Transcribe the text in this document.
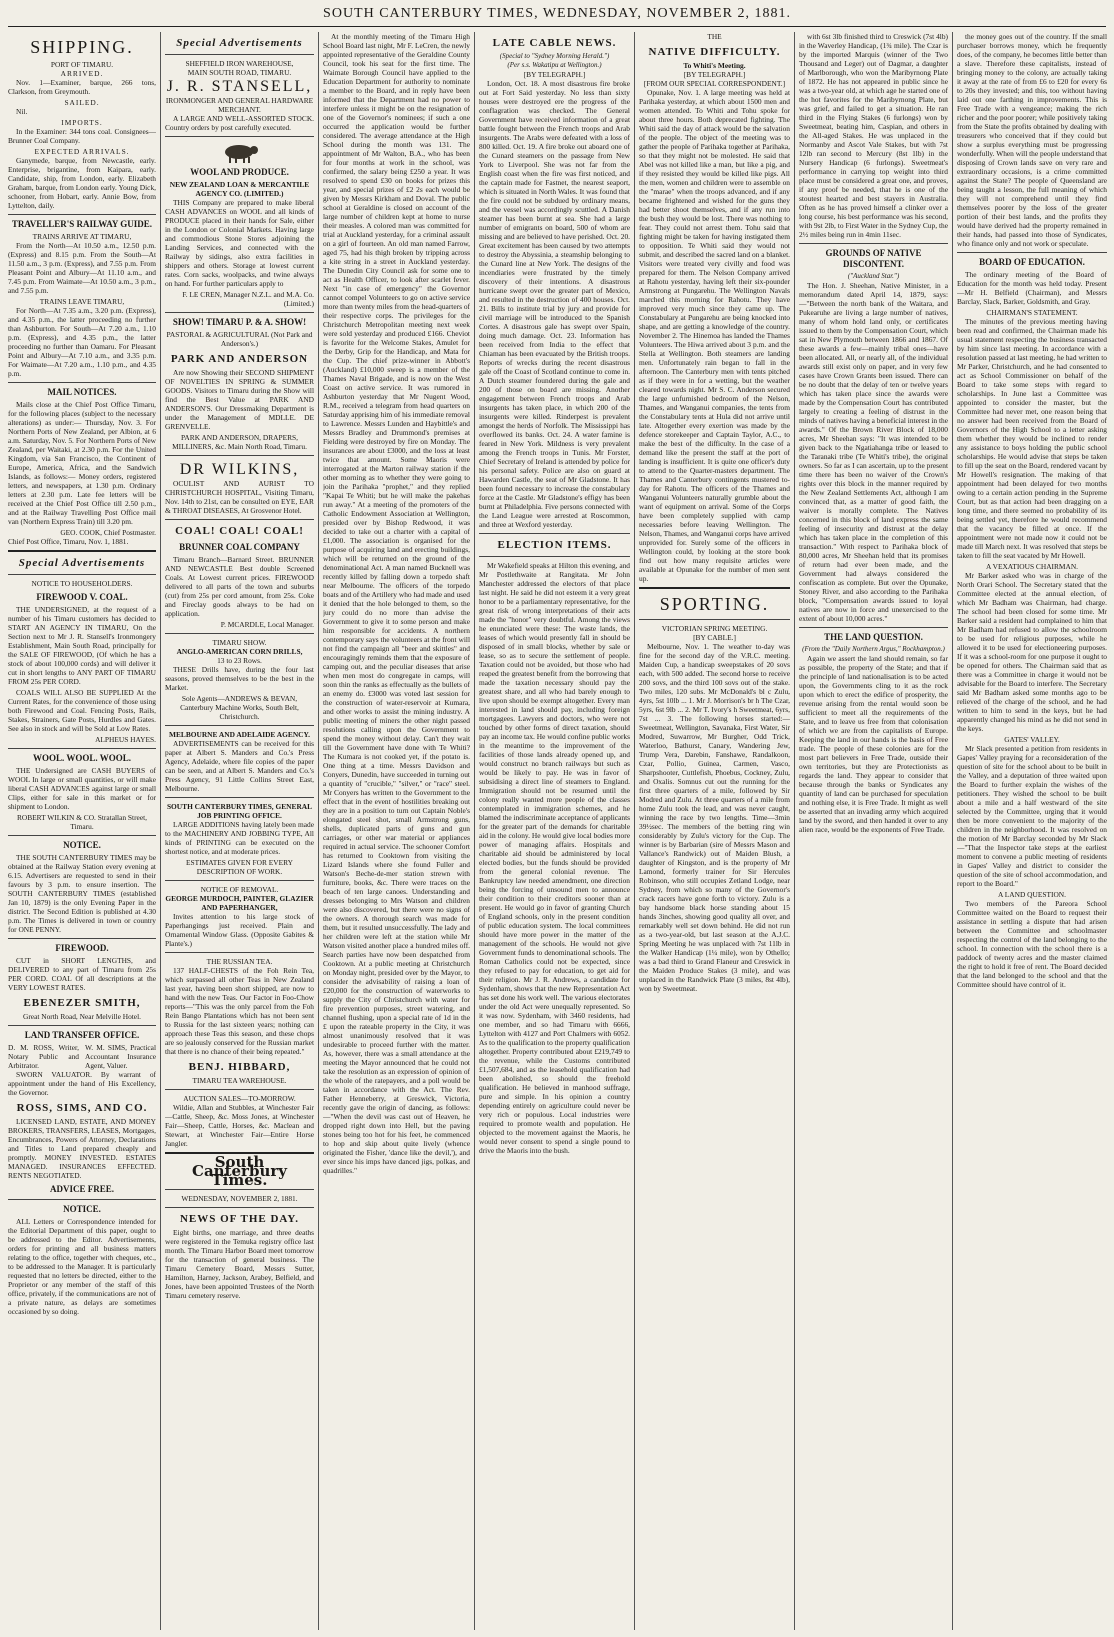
SOUTH CANTERBURY TIMES, WEDNESDAY, NOVEMBER 2, 1881.
SHIPPING.
PORT OF TIMARU.
ARRIVED.

Nov. 1—Examiner, barque, 266 tons, Clarkson, from Greymouth.

SAILED.

Nil.

IMPORTS.

In the Examiner: 344 tons coal. Consignees—Brunner Coal Company.

EXPECTED ARRIVALS.

Ganymede, barque, from Newcastle, early. Enterprise, brigantine, from Kaipara, early. Candidate, ship, from London, early. Elizabeth Graham, barque, from London early. Young Dick, schooner, from Hobart, early. Annie Bow, from Lyttelton, daily.

TRAVELLER'S RAILWAY GUIDE.
TRAINS ARRIVE AT TIMARU,

From the North—At 10.50 a.m., 12.50 p.m. (Express) and 8.15 p.m. From the South—At 11.50 a.m., 3 p.m. (Express), and 7.55 p.m. From Pleasant Point and Albury—At 11.10 a.m., and 7.45 p.m. From Waimate—At 10.50 a.m., 3 p.m., and 7.55 p.m.

TRAINS LEAVE TIMARU,

For North—At 7.35 a.m., 3.20 p.m. (Express), and 4.35 p.m., the latter proceeding no further than Ashburton. For South—At 7.20 a.m., 1.10 p.m. (Express), and 4.35 p.m., the latter proceeding no further than Oamaru. For Pleasant Point and Albury—At 7.10 a.m., and 3.35 p.m. For Waimate—At 7.20 a.m., 1.10 p.m., and 4.35 p.m.

MAIL NOTICES.

Mails close at the Chief Post Office Timaru, for the following places (subject to the necessary alterations) as under:— Thursday, Nov. 3. For Northern Ports of New Zealand, per Albion, at 6 a.m. Saturday, Nov. 5. For Northern Ports of New Zealand, per Waitaki, at 2.30 p.m. For the United Kingdom, via San Francisco, the Continent of Europe, America, Africa, and the Sandwich Islands, as follows:— Money orders, registered letters, and newspapers, at 1.30 p.m. Ordinary letters at 2.30 p.m. Late fee letters will be received at the Chief Post Office till 2.50 p.m., and at the Railway Travelling Post Office mail van (Northern Express Train) till 3.20 pm.

GEO. COOK, Chief Postmaster.

Chief Post Office, Timaru, Nov. 1, 1881.

Special Advertisements
NOTICE TO HOUSEHOLDERS.
FIREWOOD V. COAL.

THE UNDERSIGNED, at the request of a number of his Timaru customers has decided to START AN AGENCY IN TIMARU, On the Section next to Mr J. R. Stansell's Ironmongery Establishment, Main South Road, principally for the SALE OF FIREWOOD, (Of which he has a stock of about 100,000 cords) and will deliver it cut in short lengths to ANY PART OF TIMARU FROM 25s PER CORD.

COALS WILL ALSO BE SUPPLIED At the Current Rates, for the convenience of those using both Firewood and Coal. Fencing Posts, Rails, Stakes, Strainers, Gate Posts, Hurdles and Gates. See also in stock and will be Sold at Low Rates.

ALPHEUS HAYES.
WOOL. WOOL. WOOL.

THE Undersigned are CASH BUYERS of WOOL In large or small quantities, or will make liberal CASH ADVANCES against large or small Clips, either for sale in this market or for shipment to London.

ROBERT WILKIN & CO. Stratallan Street, Timaru.
NOTICE.

THE SOUTH CANTERBURY TIMES may be obtained at the Railway Station every evening at 6.15. Advertisers are requested to send in their favours by 3 p.m. to ensure insertion. The SOUTH CANTERBURY TIMES (established Jan 10, 1879) is the only Evening Paper in the district. The Second Edition is published at 4.30 p.m. The Times is delivered in town or country for ONE PENNY.

FIREWOOD.

CUT in SHORT LENGTHS, and DELIVERED to any part of Timaru from 25s PER CORD. COAL Of all descriptions at the VERY LOWEST RATES.

EBENEZER SMITH,
Great North Road, Near Melville Hotel.
LAND TRANSFER OFFICE.
D. M. ROSS, Writer, Notary Public and Arbitrator.
W. M. SIMS, Practical Accountant Insurance Agent, Valuer.

SWORN VALUATOR. By warrant of appointment under the hand of His Excellency, the Governor.

ROSS, SIMS, AND CO.

LICENSED LAND, ESTATE, AND MONEY BROKERS, TRANSFERS, LEASES, Mortgages, Encumbrances, Powers of Attorney, Declarations and Titles to Land prepared cheaply and promptly. MONEY INVESTED. ESTATES MANAGED. INSURANCES EFFECTED. RENTS NEGOTIATED.

ADVICE FREE.
NOTICE.

ALL Letters or Correspondence intended for the Editorial Department of this paper, ought to be addressed to the Editor. Advertisements, orders for printing and all business matters relating to the office, together with cheques, etc., to be addressed to the Manager. It is particularly requested that no letters be directed, either to the Proprietor or any member of the staff of this office, privately, if the communications are not of a private nature, as delays are sometimes occasioned by so doing.

Special Advertisements
SHEFFIELD IRON WAREHOUSE,
MAIN SOUTH ROAD, TIMARU.
J. R. STANSELL,
IRONMONGER AND GENERAL HARDWARE MERCHANT.

A LARGE AND WELL-ASSORTED STOCK. Country orders by post carefully executed.

WOOL AND PRODUCE.
NEW ZEALAND LOAN & MERCANTILE AGENCY CO. (LIMITED.)

THIS Company are prepared to make liberal CASH ADVANCES on WOOL and all kinds of PRODUCE placed in their hands for Sale, either in the London or Colonial Markets. Having large and commodious Stone Stores adjoining the Landing Services, and connected with the Railway by sidings, also extra facilities in shippers and others. Storage at lowest current rates. Corn sacks, woolpacks, and twine always on hand. For further particulars apply to

F. LE CREN, Manager N.Z.L. and M.A. Co. (Limited.)
SHOW! TIMARU P. & A. SHOW!
PASTORAL & AGRICULTURAL (Not Park and Anderson's.)
PARK AND ANDERSON

Are now Showing their SECOND SHIPMENT OF NOVELTIES IN SPRING & SUMMER GOODS. Visitors to Timaru during the Show will find the Best Value at PARK AND ANDERSON'S. Our Dressmaking Department is under the Management of MDLLE. DE GRENVELLE.

PARK AND ANDERSON, DRAPERS, MILLINERS, &c. Main North Road, Timaru.
DR WILKINS,

OCULIST AND AURIST TO CHRISTCHURCH HOSPITAL, Visiting Timaru, Nov. 14th to 21st, can be consulted on EYE, EAR & THROAT DISEASES, At Grosvenor Hotel.

COAL! COAL! COAL!
BRUNNER COAL COMPANY

Timaru Branch—Barnard Street. BRUNNER AND NEWCASTLE Best double Screened Coals. At Lowest current prices. FIREWOOD delivered to all parts of the town and suburbs (cut) from 25s per cord amount, from 25s. Coke and Fireclay goods always to be had on application.

P. MCARDLE, Local Manager.
TIMARU SHOW.
ANGLO-AMERICAN CORN DRILLS,
13 to 23 Rows.

THESE Drills have, during the four last seasons, proved themselves to be the best in the Market.

Sole Agents—ANDREWS & BEVAN, Canterbury Machine Works, South Belt, Christchurch.
MELBOURNE AND ADELAIDE AGENCY.

ADVERTISEMENTS can be received for this paper at Albert S. Manders and Co.'s Press Agency, Adelaide, where file copies of the paper can be seen, and at Albert S. Manders and Co.'s Press Agency, 91 Little Collins Street East, Melbourne.

SOUTH CANTERBURY TIMES, GENERAL JOB PRINTING OFFICE.

LARGE ADDITIONS having lately been made to the MACHINERY AND JOBBING TYPE, All kinds of PRINTING can be executed on the shortest notice, and at moderate prices.

ESTIMATES GIVEN FOR EVERY DESCRIPTION OF WORK.
NOTICE OF REMOVAL.
GEORGE MURDOCH, PAINTER, GLAZIER AND PAPERHANGER,

Invites attention to his large stock of Paperhangings just received. Plain and Ornamental Window Glass. (Opposite Gabites & Plante's.)

THE RUSSIAN TEA.

137 HALF-CHESTS of the Foh Rein Tea, which surpassed all other Teas in New Zealand last year, having been short shipped, are now to hand with the new Teas. Our Factor in Foo-Chow reports—"This was the only parcel from the Foh Rein Bango Plantations which has not been sent to Russia for the last sixteen years; nothing can approach these Teas this season, and these chops are so jealously conserved for the Russian market that there is no chance of their being repeated."

BENJ. HIBBARD,
TIMARU TEA WAREHOUSE.
AUCTION SALES—TO-MORROW.

Wildie, Allan and Stubbles, at Winchester Fair—Cattle, Sheep, &c. Moss Jones, at Winchester Fair—Sheep, Cattle, Horses, &c. Maclean and Stewart, at Winchester Fair—Entire Horse Jangler.

South Canterbury Times.
WEDNESDAY, NOVEMBER 2, 1881.
NEWS OF THE DAY.

Eight births, one marriage, and three deaths were registered in the Temuka registry office last month. The Timaru Harbor Board meet tomorrow for the transaction of general business. The Timaru Cemetery Board, Messrs Sutter, Hamilton, Harney, Jackson, Arabey, Belfield, and Jones, have been appointed Trustees of the North Timaru cemetery reserve.

At the monthly meeting of the Timaru High School Board last night, Mr F. LeCren, the newly appointed representative of the Geraldine County Council, took his seat for the first time. The Waimate Borough Council have applied to the Education Department for authority to nominate a member to the Board, and in reply have been informed that the Department had no power to interfere unless it might be on the resignation of one of the Governor's nominees; if such a one occurred the application would be further considered. The average attendance at the High School during the month was 131. The appointment of Mr Walton, B.A., who has been for four months at work in the school, was confirmed, the salary being £250 a year. It was resolved to spend £30 on books for prizes this year, and special prizes of £2 2s each would be given by Messrs Kirkham and Doval. The public school at Geraldine is closed on account of the large number of children kept at home to nurse their measles. A colored man was committed for trial at Auckland yesterday, for a criminal assault on a girl of fourteen. An old man named Farrow, aged 75, had his thigh broken by tripping across a kite string in a street in Auckland yesterday. The Dunedin City Council ask for some one to act as Health Officer, to look after scarlet fever. Next "in case of emergency" the Governor cannot compel Volunteers to go on active service more than twenty miles from the head-quarters of their respective corps. The privileges for the Christchurch Metropolitan meeting next week were sold yesterday and produced £166. Cheviot is favorite for the Welcome Stakes, Amulet for the Derby, Grip for the Handicap, and Mata for the Cup. The chief prize-winner in Abbott's (Auckland) £10,000 sweep is a member of the Thames Naval Brigade, and is now on the West Coast on active service. It was rumored in Ashburton yesterday that Mr Nugent Wood, R.M., received a telegram from head quarters on Saturday apprising him of his immediate removal to Lawrence. Messrs Lunden and Haybittle's and Messrs Bradley and Drummond's premises at Fielding were destroyed by fire on Monday. The insurances are about £3000, and the loss at least twice that amount. Some Maoris were interrogated at the Marton railway station if the other morning as to whether they were going to join the Parihaka "prophet," and they replied "Kapai Te Whiti; but he will make the pakehas run away." At a meeting of the promoters of the Catholic Endowment Association at Wellington, presided over by Bishop Redwood, it was decided to take out a charter with a capital of £1,000. The association is organised for the purpose of acquiring land and erecting buildings, which will be returned on the ground of the denominational Act. A man named Bucknell was recently killed by falling down a torpedo shaft near Melbourne. The officers of the torpedo boats and of the Artillery who had made and used it denied that the hole belonged to them, so the jury could do no more than advise the Government to give it to some person and make him responsible for accidents. A northern contemporary says the volunteers at the front will not find the campaign all "beer and skittles" and encouragingly reminds them that the exposure of camping out, and the peculiar diseases that arise when men most do congregate in camps, will soon thin the ranks as effectually as the bullets of an enemy do. £3000 was voted last session for the construction of water-reservoir at Kumara, and other works to assist the mining industry. A public meeting of miners the other night passed resolutions calling upon the Government to spend the money without delay. Can't they wait till the Government have done with Te Whiti? The Kumara is not cooked yet, if the potato is. One thing at a time. Messrs Davidson and Conyers, Dunedin, have succeeded in turning out a quantity of "crucible," "silver," or "race" steel. Mr Conyers has written to the Government to the effect that in the event of hostilities breaking out they are in a position to turn out Captain Noble's elongated steel shot, small Armstrong guns, shells, duplicated parts of guns and gun carriages, or other war material or appliances required in actual service. The schooner Comfort has returned to Cooktown from visiting the Lizard Islands where she found Fuller and Watson's Beche-de-mer station strewn with furniture, books, &c. There were traces on the beach of ten large canoes. Understanding and dresses belonging to Mrs Watson and children were also discovered, but there were no signs of the owners. A thorough search was made for them, but it resulted unsuccessfully. The lady and her children were left at the station while Mr Watson visited another place a hundred miles off. Search parties have now been despatched from Cooktown. At a public meeting at Christchurch on Monday night, presided over by the Mayor, to consider the advisability of raising a loan of £20,000 for the construction of waterworks to supply the City of Christchurch with water for fire prevention purposes, street watering, and channel flushing, upon a special rate of 1d in the £ upon the rateable property in the City, it was almost unanimously resolved that it was undesirable to proceed further with the matter. As, however, there was a small attendance at the meeting the Mayor announced that he could not take the resolution as an expression of opinion of the whole of the ratepayers, and a poll would be taken in accordance with the Act. The Rev. Father Henneberry, at Greswick, Victoria, recently gave the origin of dancing, as follows:—"When the devil was cast out of Heaven, he dropped right down into Hell, but the paving stones being too hot for his feet, he commenced to hop and skip about quite lively (whence originated the Fisher, 'dance like the devil,'), and ever since his imps have danced jigs, polkas, and quadrilles."

LATE CABLE NEWS.
(Special to "Sydney Morning Herald.")
(Per s.s. Wakatipu at Wellington.)
[BY TELEGRAPH.]

London, Oct. 18. A most disastrous fire broke out at Fort Said yesterday. No less than sixty houses were destroyed ere the progress of the conflagration was checked. The General Government have received information of a great battle fought between the French troops and Arab insurgents. The Arabs were defeated with a loss of 800 killed. Oct. 19. A fire broke out aboard one of the Cunard steamers on the passage from New York to Liverpool. She was not far from the English coast when the fire was first noticed, and the captain made for Fastnet, the nearest seaport, which is situated in North Wales. It was found that the fire could not be subdued by ordinary means, and the vessel was accordingly scuttled. A Danish steamer has been burnt at sea. She had a large number of emigrants on board, 500 of whom are missing and are believed to have perished. Oct. 20. Great excitement has been caused by two attempts to destroy the Abyssinia, a steamship belonging to the Cunard line at New York. The designs of the incendiaries were frustrated by the timely discovery of their intentions. A disastrous hurricane swept over the greater part of Mexico, and resulted in the destruction of 400 houses. Oct. 21. Bills to institute trial by jury and provide for civil marriage will be introduced to the Spanish Cortes. A disastrous gale has swept over Spain, doing much damage. Oct. 23. Information has been received from India to the effect that Chiaman has been evacuated by the British troops. Reports of wrecks during the recent disastrous gale off the Coast of Scotland continue to come in. A Dutch steamer foundered during the gale and 200 of those on board are missing. Another engagement between French troops and Arab insurgents has taken place, in which 200 of the insurgents were killed. Rinderpest is prevalent amongst the herds of Norfolk. The Mississippi has overflowed its banks. Oct. 24. A water famine is feared in New York. Mildness is very prevalent among the French troops in Tunis. Mr Forster, Chief Secretary of Ireland is attended by police for his personal safety. Police are also on guard at Hawarden Castle, the seat of Mr Gladstone. It has been found necessary to increase the constabulary force at the Castle. Mr Gladstone's effigy has been burnt at Philadelphia. Five persons connected with the Land League were arrested at Roscommon, and three at Wexford yesterday.

ELECTION ITEMS.

Mr Wakefield speaks at Hilton this evening, and Mr Postlethwaite at Rangitata. Mr John Manchester addressed the electors of that place last night. He said he did not esteem it a very great honor to be a parliamentary representative, for the great risk of wrong interpretations of their acts made the "honor" very doubtful. Among the views he enunciated were these: The waste lands, the leases of which would presently fall in should be disposed of in small blocks, whether by sale or lease, so as to secure the settlement of people. Taxation could not be avoided, but those who had reaped the greatest benefit from the borrowing that made the taxation necessary should pay the greatest share, and all who had barely enough to live upon should be exempt altogether. Every man interested in land should pay, including foreign mortgagees. Lawyers and doctors, who were not touched by other forms of direct taxation, should pay an income tax. He would confine public works in the meantime to the improvement of the facilities of those lands already opened up, and would construct no branch railways but such as would be likely to pay. He was in favor of subsidising a direct line of steamers to England. Immigration should not be resumed until the colony really wanted more people of the classes contemplated in immigration schemes, and he blamed the indiscriminate acceptance of applicants for the greater part of the demands for charitable aid in the colony. He would give local bodies more power of managing affairs. Hospitals and charitable aid should be administered by local elected bodies, but the funds should be provided from the general colonial revenue. The Bankruptcy law needed amendment, one direction being the forcing of unsound men to announce their condition to their creditors sooner than at present. He would go in favor of granting Church of England schools, only in the present condition of public education system. The local committees should have more power in the matter of the management of the schools. He would not give Government funds to denominational schools. The Roman Catholics could not be expected, since they refused to pay for education, to get aid for their religion. Mr J. R. Andrews, a candidate for Sydenham, shows that the new Representation Act has set done his work well. The various electorates under the old Act were unequally represented. So it was now. Sydenham, with 3460 residents, had one member, and so had Timaru with 6666, Lyttelton with 4127 and Port Chalmers with 6052. As to the qualification to the property qualification altogether. Property contributed about £219,749 to the revenue, while the Customs contributed £1,507,684, and as the leasehold qualification had been abolished, so should the freehold qualification. He believed in manhood suffrage, pure and simple. In his opinion a country depending entirely on agriculture could never be very rich or populous. Local industries were required to promote wealth and population. He objected to the movement against the Maoris, he would never consent to spend a single pound to drive the Maoris into the bush.

THE
NATIVE DIFFICULTY.
To Whiti's Meeting.
[BY TELEGRAPH.]
[FROM OUR SPECIAL CORRESPONDENT.]

Opunake, Nov. 1. A large meeting was held at Parihaka yesterday, at which about 1500 men and women attended. To Whiti and Tohu spoke for about three hours. Both deprecated fighting. The Whiti said the day of attack would be the salvation of the people. The object of the meeting was to gather the people of Parihaka together at Parihaka, so that they might not be molested. He said that Abel was not killed like a man, but like a pig, and if they resisted they would be killed like pigs. All the men, women and children were to assemble on the "marae" when the troops advanced, and if any became frightened and wished for the guns they had better shoot themselves, and if any run into the bush they would be lost. There was nothing to fear. They could not arrest them. Tohu said that fighting might be taken for having instigated them to opposition. Te Whiti said they would not submit, and described the sacred land on a blanket. Visitors were treated very civilly and food was prepared for them. The Nelson Company arrived at Rahotu yesterday, having left their six-pounder Armstrong at Pungarehu. The Wellington Navals marched this morning for Rahotu. They have improved very much since they came up. The Constabulary at Pungarehu are being knocked into shape, and are getting a knowledge of the country. November 2. The Hinemoa has landed the Thames Volunteers. The Hiwa arrived about 3 p.m. and the Stella at Wellington. Both steamers are landing men. Unfortunately rain began to fall in the afternoon. The Canterbury men with tents pitched as if they were in for a wetting, but the weather cleared towards night. Mr S. C. Anderson secured the large unfurnished bedroom of the Nelson, Thames, and Wanganui companies, the tents from the Constabulary tents at Hula did not arrive until late. Altogether every exertion was made by the defence storekeeper and Captain Taylor, A.C., to make the best of the difficulty. In the case of a demand like the present the staff at the port of landing is insufficient. It is quite one officer's duty to attend to the Quarter-masters department. The Thames and Canterbury contingents mustered to-day for Rahotu. The officers of the Thames and Wanganui Volunteers naturally grumble about the want of equipment on arrival. Some of the Corps have been completely supplied with camp necessaries before leaving Wellington. The Nelson, Thames, and Wanganui corps have arrived unprovided for. Surely some of the officers in Wellington could, by looking at the store book find out how many requisite articles were available at Opunake for the number of men sent up.

SPORTING.
VICTORIAN SPRING MEETING.
[BY CABLE.]

Melbourne, Nov. 1. The weather to-day was fine for the second day of the V.R.C. meeting. Maiden Cup, a handicap sweepstakes of 20 sovs each, with 500 added. The second horse to receive 200 sovs, and the third 100 sovs out of the stake. Two miles, 120 subs. Mr McDonald's bl c Zulu, 4yrs, 5st 10lb ... 1. Mr J. Morrison's br h The Czar, 5yrs, 6st 9lb ... 2. Mr T. Ivory's h Sweetmeat, 6yrs, 7st ... 3. The following horses started:—Sweetmeat, Wellington, Savanaka, First Water, Sir Modred, Suwarrow, Mr Burgher, Odd Trick, Waterloo, Bathurst, Canary, Wandering Jew, Trump Vera, Darebin, Fanshawe, Randalkoon, Czar, Pollio, Guinea, Carmen, Vasco, Sharpshooter, Cuttlefish, Phoebus, Cockney, Zulu, and Oxalis. Somnus cut out the running for the first three quarters of a mile, followed by Sir Modred and Zulu. At three quarters of a mile from home Zulu took the lead, and was never caught, winning the race by two lengths. Time—3min 39½sec. The members of the betting ring win considerably by Zulu's victory for the Cup. The winner is by Barbarian (sire of Messrs Mason and Vallance's Randwick) out of Maiden Blush, a daughter of Kingston, and is the property of Mr Lamond, formerly trainer for Sir Hercules Robinson, who still occupies Zetland Lodge, near Sydney, from which so many of the Governor's crack racers have gone forth to victory. Zulu is a bay handsome black horse standing about 15 hands 3inches, showing good quality all over, and remarkably well set down behind. He did not run as a two-year-old, but last season at the A.J.C. Spring Meeting he was unplaced with 7st 11lb in the Walker Handicap (1¼ mile), won by Othello; was a bad third to Grand Flaneur and Creswick in the Maiden Produce Stakes (3 mile), and was unplaced in the Randwick Plate (3 miles, 8st 4lb), won by Sweetmeat.

with 6st 3lb finished third to Creswick (7st 4lb) in the Waverley Handicap, (1¾ mile). The Czar is by the imported Marquis (winner of the Two Thousand and Leger) out of Dagmar, a daughter of Marlborough, who won the Maribyrnong Plate of 1872. He has not appeared in public since he was a two-year old, at which age he started one of the hot favorites for the Maribyrnong Plate, but was grief, and failed to get a situation. He ran third in the Flying Stakes (6 furlongs) won by Sweetmeat, beating him, Caspian, and others in the All-aged Stakes. He was unplaced in the Normanby and Ascot Vale Stakes, but with 7st 12lb ran second to Mercury (8st 1lb) in the Nursery Handicap (6 furlongs). Sweetmeat's performance in carrying top weight into third place must be considered a great one, and proves, if any proof be needed, that he is one of the stoutest hearted and best stayers in Australia. Often as he has proved himself a clinker over a long course, his best performance was his second, with 9st 2lb, to First Water in the Sydney Cup, the 2½ miles being run in 4min 11sec.

GROUNDS OF NATIVE DISCONTENT.
("Auckland Star.")

The Hon. J. Sheehan, Native Minister, in a memorandum dated April 14, 1879, says:—"Between the north bank of the Waitara, and Pukearuhe are living a large number of natives, many of whom hold land only, or certificates issued to them by the Compensation Court, which sat in New Plymouth between 1866 and 1867. Of these awards a few—mainly tribal ones—have been allocated. All, or nearly all, of the individual awards still exist only on paper, and in very few cases have Crown Grants been issued. There can be no doubt that the delay of ten or twelve years which has taken place since the awards were made by the Compensation Court has contributed largely to creating a feeling of distrust in the minds of natives having a beneficial interest in the awards." Of the Brown River Block of 18,000 acres, Mr Sheehan says: "It was intended to be given back to the Ngatiahanga tribe or leased to the Taranaki tribe (Te Whiti's tribe), the original owners. So far as I can ascertain, up to the present time there has been no waiver of the Crown's rights over this block in the manner required by the New Zealand Settlements Act, although I am convinced that, as a matter of good faith, the waiver is morally complete. The Natives concerned in this block of land express the same feeling of insecurity and distrust at the delay which has taken place in the completion of this transaction." With respect to Parihaka block of 80,000 acres, Mr Sheehan held that its promises of return had ever been made, and the Government had always considered the confiscation as complete. But over the Opunake, Stoney River, and also according to the Parihaka block, "Compensation awards issued to loyal natives are now in force and unexercised to the extent of about 10,000 acres."

THE LAND QUESTION.
(From the "Daily Northern Argus," Rockhampton.)

Again we assert the land should remain, so far as possible, the property of the State; and that if the principle of land nationalisation is to be acted upon, the Governments cling to it as the rock upon which to erect the edifice of prosperity, the revenue arising from the rental would soon be sufficient to meet all the requirements of the State, and to leave us free from that colonisation of which we are from the capitalists of Europe. Keeping the land in our hands is the basis of Free trade. The people of these colonies are for the most part believers in Free Trade, outside their own territories, but they are Protectionists as regards the land. They appear to consider that because through the banks or Syndicates any quantity of land can be purchased for speculation and nothing else, it is Free Trade. It might as well be asserted that an invading army which acquired land by the sword, and then handed it over to any alien race, would be the exponents of Free Trade.

the money goes out of the country. If the small purchaser borrows money, which he frequently does, of the company, he becomes little better than a slave. Therefore these capitalists, instead of bringing money to the colony, are actually taking it away at the rate of from £6 to £20 for every 6s to 20s they invested; and this, too without having laid out one farthing in improvements. This is Free Trade with a vengeance; making the rich richer and the poor poorer; while positively taking from the State the profits obtained by dealing with treasurers who conceived that if they could but show a surplus everything must be progressing wonderfully. When will the people understand that disposing of Crown lands save on very rare and extraordinary occasions, is a crime committed against the State? The people of Queensland are being taught a lesson, the full meaning of which they will not comprehend until they find themselves poorer by the loss of the greater portion of their best lands, and the profits they would have derived had the property remained in their hands, had passed into those of Syndicates, who finance only and not work or speculate.

BOARD OF EDUCATION.

The ordinary meeting of the Board of Education for the month was held today. Present—Mr H. Belfield (Chairman), and Messrs Barclay, Slack, Barker, Goldsmith, and Gray.

CHAIRMAN'S STATEMENT.

The minutes of the previous meeting having been read and confirmed, the Chairman made his usual statement respecting the business transacted by him since last meeting. In accordance with a resolution passed at last meeting, he had written to Mr Parker, Christchurch, and he had consented to act as School Commissioner on behalf of the Board to take some steps with regard to scholarships. In June last a Committee was appointed to consider the master, but the Committee had never met, one reason being that no answer had been received from the Board of Governors of the High School to a letter asking them whether they would be inclined to render any assistance to boys holding the public school scholarships. He would advise that steps be taken to fill up the seat on the Board, rendered vacant by Mr Howell's resignation. The making of that appointment had been delayed for two months owing to a certain action pending in the Supreme Court, but as that action had been dragging on a long time, and there seemed no probability of its being settled yet, therefore he would recommend that the vacancy be filled at once. If the appointment were not made now it could not be made till March next. It was resolved that steps be taken to fill the seat vacated by Mr Howell.

A VEXATIOUS CHAIRMAN.

Mr Barker asked who was in charge of the North Orari School. The Secretary stated that the Committee elected at the annual election, of which Mr Badham was Chairman, had charge. The school had been closed for some time. Mr Barker said a resident had complained to him that Mr Badham had refused to allow the schoolroom to be used for religious purposes, while he allowed it to be used for electioneering purposes. If it was a school-room for one purpose it ought to be opened for others. The Chairman said that as there was a Committee in charge it would not be advisable for the Board to interfere. The Secretary said Mr Badham asked some months ago to be relieved of the charge of the school, and he had written to him to send in the keys, but he had apparently changed his mind as he did not send in the keys.

GATES' VALLEY.

Mr Slack presented a petition from residents in Gapes' Valley praying for a reconsideration of the question of site for the school about to be built in the Valley, and a deputation of three waited upon the Board to further explain the wishes of the petitioners. They wished the school to be built about a mile and a half westward of the site selected by the Committee, urging that it would then be more convenient to the majority of the children in the neighborhood. It was resolved on the motion of Mr Barclay seconded by Mr Slack—"That the Inspector take steps at the earliest moment to convene a public meeting of residents in Gapes' Valley and district to consider the question of the site of school accommodation, and report to the Board."

A LAND QUESTION.

Two members of the Pareora School Committee waited on the Board to request their assistance in settling a dispute that had arisen between the Committee and schoolmaster respecting the control of the land belonging to the school. In connection with the school there is a paddock of twenty acres and the master claimed the right to hold it free of rent. The Board decided that the land belonged to the school and that the Committee should have control of it.
